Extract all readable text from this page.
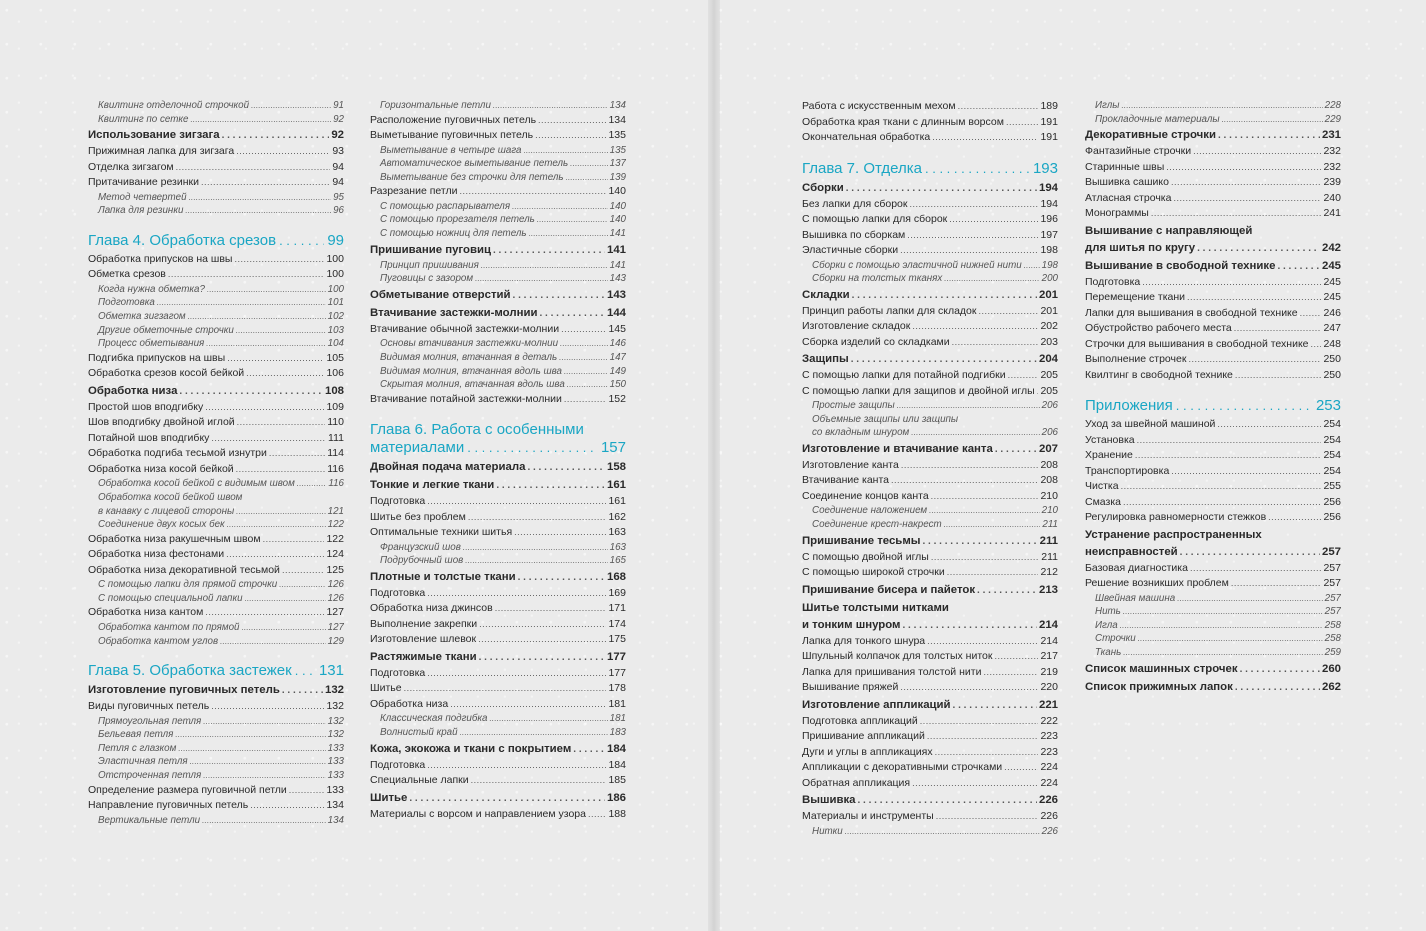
Квилтинг отделочной строчкой . . .	91
Квилтинг по сетке . . .	92
Использование зигзага . . .	92
Прижимная лапка для зигзага . . .	93
Отделка зигзагом . . .	94
Притачивание резинки . . .	94
Метод четвертей . . .	95
Лапка для резинки . . .	96
Глава 4. Обработка срезов . . .	99
Обработка припусков на швы . . .	100
Обметка срезов . . .	100
Когда нужна обметка? . . .	100
Подготовка . . .	101
Обметка зигзагом . . .	102
Другие обметочные строчки . . .	103
Процесс обметывания . . .	104
Подгибка припусков на швы . . .	105
Обработка срезов косой бейкой . . .	106
Обработка низа . . .	108
Простой шов вподгибку . . .	109
Шов вподгибку двойной иглой . . .	110
Потайной шов вподгибку . . .	111
Обработка подгиба тесьмой изнутри . . .	114
Обработка низа косой бейкой . . .	116
Обработка косой бейкой с видимым швом . . .	116
Обработка косой бейкой швом
в канавку с лицевой стороны . . .	121
Соединение двух косых бек . . .	122
Обработка низа ракушечным швом . . .	122
Обработка низа фестонами . . .	124
Обработка низа декоративной тесьмой . . .	125
С помощью лапки для прямой строчки . . .	126
С помощью специальной лапки . . .	126
Обработка низа кантом . . .	127
Обработка кантом по прямой . . .	127
Обработка кантом углов . . .	129
Глава 5. Обработка застежек . . . 131
Изготовление пуговичных петель . . .	132
Виды пуговичных петель . . .	132
Прямоугольная петля . . .	132
Бельевая петля . . .	132
Петля с глазком . . .	133
Эластичная петля . . .	133
Отстроченная петля . . .	133
Определение размера пуговичной петли . . .	133
Направление пуговичных петель . . .	134
Вертикальные петли . . .	134
Горизонтальные петли . . .	134
Расположение пуговичных петель . . .	134
Выметывание пуговичных петель . . .	135
Выметывание в четыре шага . . .	135
Автоматическое выметывание петель . . .	137
Выметывание без строчки для петель . . .	139
Разрезание петли . . .	140
С помощью распарывателя . . .	140
С помощью прорезателя петель . . .	140
С помощью ножниц для петель . . .	141
Пришивание пуговиц . . .	141
Принцип пришивания . . .	141
Пуговицы с зазором . . .	143
Обметывание отверстий . . .	143
Втачивание застежки-молнии . . .	144
Втачивание обычной застежки-молнии . . .	145
Основы втачивания застежки-молнии . . .	146
Видимая молния, втачанная в деталь . . .	147
Видимая молния, втачанная вдоль шва . . .	149
Скрытая молния, втачанная вдоль шва . . .	150
Втачивание потайной застежки-молнии . . .	152
Глава 6. Работа с особенными
материалами . . .	157
Двойная подача материала . . .	158
Тонкие и легкие ткани . . .	161
Подготовка . . .	161
Шитье без проблем . . .	162
Оптимальные техники шитья . . .	163
Французский шов . . .	163
Подрубочный шов . . .	165
Плотные и толстые ткани . . .	168
Подготовка . . .	169
Обработка низа джинсов . . .	171
Выполнение закрепки . . .	174
Изготовление шлевок . . .	175
Растяжимые ткани . . .	177
Подготовка . . .	177
Шитье . . .	178
Обработка низа . . .	181
Классическая подгибка . . .	181
Волнистый край . . .	183
Кожа, экокожа и ткани с покрытием . . .	184
Подготовка . . .	184
Специальные лапки . . .	185
Шитье . . .	186
Материалы с ворсом и направлением узора . . . 188
Работа с искусственным мехом . . .	189
Обработка края ткани с длинным ворсом . . .	191
Окончательная обработка . . .	191
Глава 7. Отделка . . .	193
Сборки . . .	194
Без лапки для сборок . . .	194
С помощью лапки для сборок . . .	196
Вышивка по сборкам . . .	197
Эластичные сборки . . .	198
Сборки с помощью эластичной нижней нити . . . 198
Сборки на толстых тканях . . .	200
Складки . . .	201
Принцип работы лапки для складок . . .	201
Изготовление складок . . .	202
Сборка изделий со складками . . .	203
Защипы . . .	204
С помощью лапки для потайной подгибки . . .	205
С помощью лапки для защипов и двойной иглы . . . 205
Простые защипы . . .	206
Объемные защипы или защипы
со вкладным шнуром . . .	206
Изготовление и втачивание канта . . .	207
Изготовление канта . . .	208
Втачивание канта . . .	208
Соединение концов канта . . .	210
Соединение наложением . . .	210
Соединение крест-накрест . . .	211
Пришивание тесьмы . . .	211
С помощью двойной иглы . . .	211
С помощью широкой строчки . . .	212
Пришивание бисера и пайеток . . .	213
Шитье толстыми нитками
и тонким шнуром . . .	214
Лапка для тонкого шнура . . .	214
Шпульный колпачок для толстых ниток . . .	217
Лапка для пришивания толстой нити . . .	219
Вышивание пряжей . . .	220
Изготовление аппликаций . . .	221
Подготовка аппликаций . . .	222
Пришивание аппликаций . . .	223
Дуги и углы в аппликациях . . .	223
Аппликации с декоративными строчками . . .	224
Обратная аппликация . . .	224
Вышивка . . .	226
Материалы и инструменты . . .	226
Нитки . . .	226
Иглы . . .	228
Прокладочные материалы . . .	229
Декоративные строчки . . .	231
Фантазийные строчки . . .	232
Старинные швы . . .	232
Вышивка сашико . . .	239
Атласная строчка . . .	240
Монограммы . . .	241
Вышивание с направляющей
для шитья по кругу . . .	242
Вышивание в свободной технике . . .	245
Подготовка . . .	245
Перемещение ткани . . .	245
Лапки для вышивания в свободной технике . . . 246
Обустройство рабочего места . . .	247
Строчки для вышивания в свободной технике . . . 248
Выполнение строчек . . .	250
Квилтинг в свободной технике . . .	250
Приложения . . .	253
Уход за швейной машиной . . .	254
Установка . . .	254
Хранение . . .	254
Транспортировка . . .	254
Чистка . . .	255
Смазка . . .	256
Регулировка равномерности стежков . . .	256
Устранение распространенных
неисправностей . . .	257
Базовая диагностика . . .	257
Решение возникших проблем . . .	257
Швейная машина . . .	257
Нить . . .	257
Игла . . .	258
Строчки . . .	258
Ткань . . .	259
Список машинных строчек . . .	260
Список прижимных лапок . . .	262
